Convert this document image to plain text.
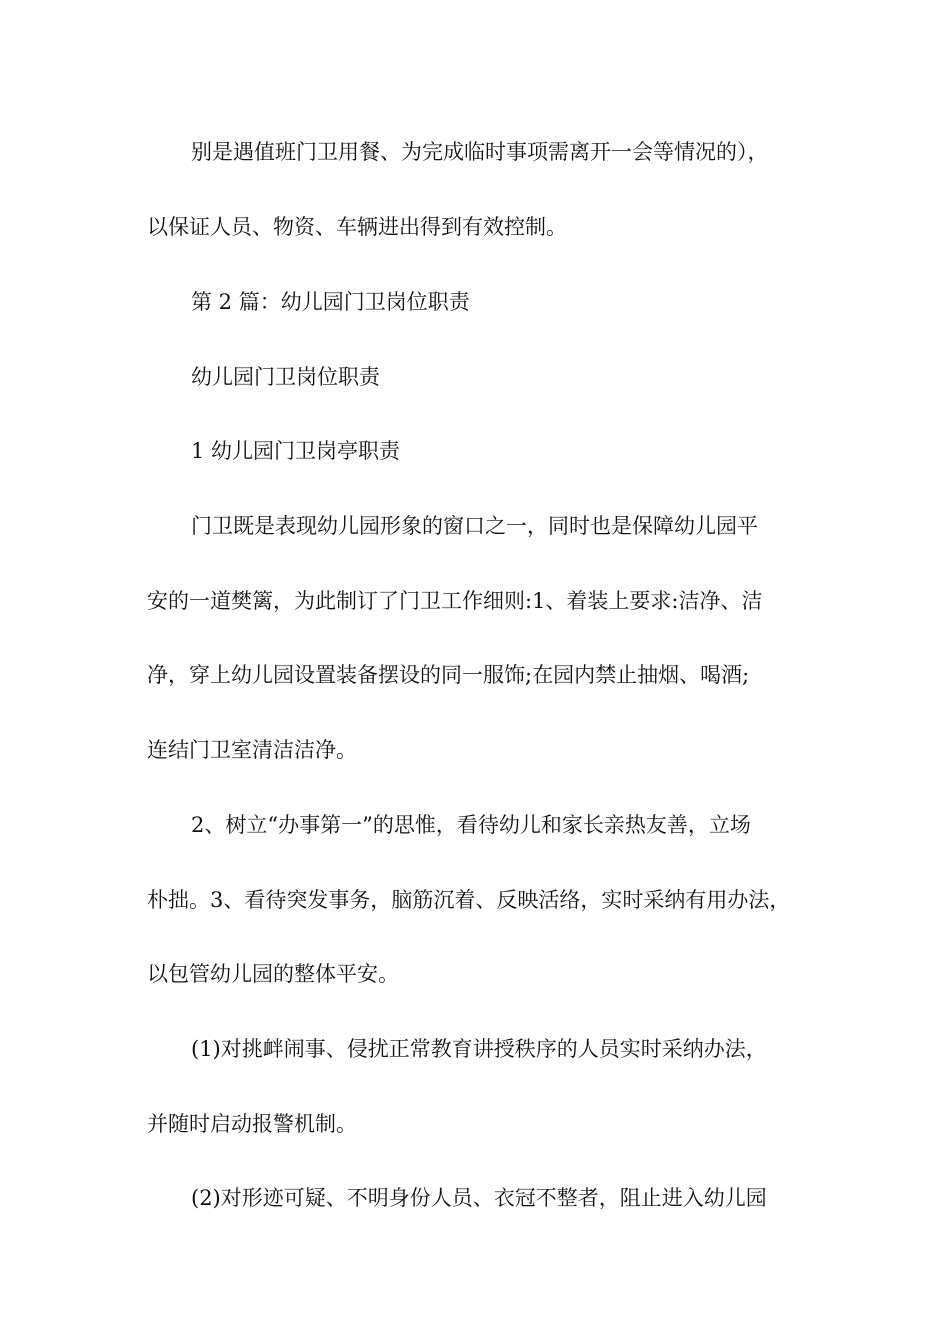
别是遇值班门卫用餐、为完成临时事项需离开一会等情况的），
以保证人员、物资、车辆进出得到有效控制。
第 2 篇：幼儿园门卫岗位职责
幼儿园门卫岗位职责
1 幼儿园门卫岗亭职责
门卫既是表现幼儿园形象的窗口之一，同时也是保障幼儿园平
安的一道樊篱，为此制订了门卫工作细则:1、着装上要求:洁净、洁
净，穿上幼儿园设置装备摆设的同一服饰;在园内禁止抽烟、喝酒;
连结门卫室清洁洁净。
2、树立“办事第一”的思惟，看待幼儿和家长亲热友善，立场
朴拙。3、看待突发事务，脑筋沉着、反映活络，实时采纳有用办法，
以包管幼儿园的整体平安。
(1)对挑衅闹事、侵扰正常教育讲授秩序的人员实时采纳办法，
并随时启动报警机制。
(2)对形迹可疑、不明身份人员、衣冠不整者，阻止进入幼儿园
